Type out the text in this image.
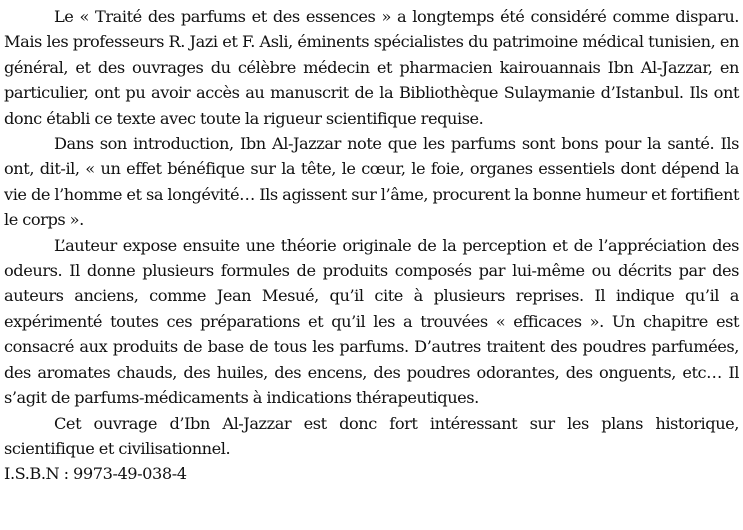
Le « Traité des parfums et des essences » a longtemps été considéré comme disparu. Mais les professeurs R. Jazi et F. Asli, éminents spécialistes du patrimoine médical tunisien, en général, et des ouvrages du célèbre médecin et pharmacien kairouannais Ibn Al-Jazzar, en particulier, ont pu avoir accès au manuscrit de la Bibliothèque Sulaymanie d’Istanbul. Ils ont donc établi ce texte avec toute la rigueur scientifique requise.

Dans son introduction, Ibn Al-Jazzar note que les parfums sont bons pour la santé. Ils ont, dit-il, « un effet bénéfique sur la tête, le cœur, le foie, organes essentiels dont dépend la vie de l’homme et sa longévité… Ils agissent sur l’âme, procurent la bonne humeur et fortifient le corps ».

L’auteur expose ensuite une théorie originale de la perception et de l’appréciation des odeurs. Il donne plusieurs formules de produits composés par lui-même ou décrits par des auteurs anciens, comme Jean Mesué, qu’il cite à plusieurs reprises. Il indique qu’il a expérimenté toutes ces préparations et qu’il les a trouvées « efficaces ». Un chapitre est consacré aux produits de base de tous les parfums. D’autres traitent des poudres parfumées, des aromates chauds, des huiles, des encens, des poudres odorantes, des onguents, etc… Il s’agit de parfums-médicaments à indications thérapeutiques.

Cet ouvrage d’Ibn Al-Jazzar est donc fort intéressant sur les plans historique, scientifique et civilisationnel.

I.S.B.N : 9973-49-038-4
